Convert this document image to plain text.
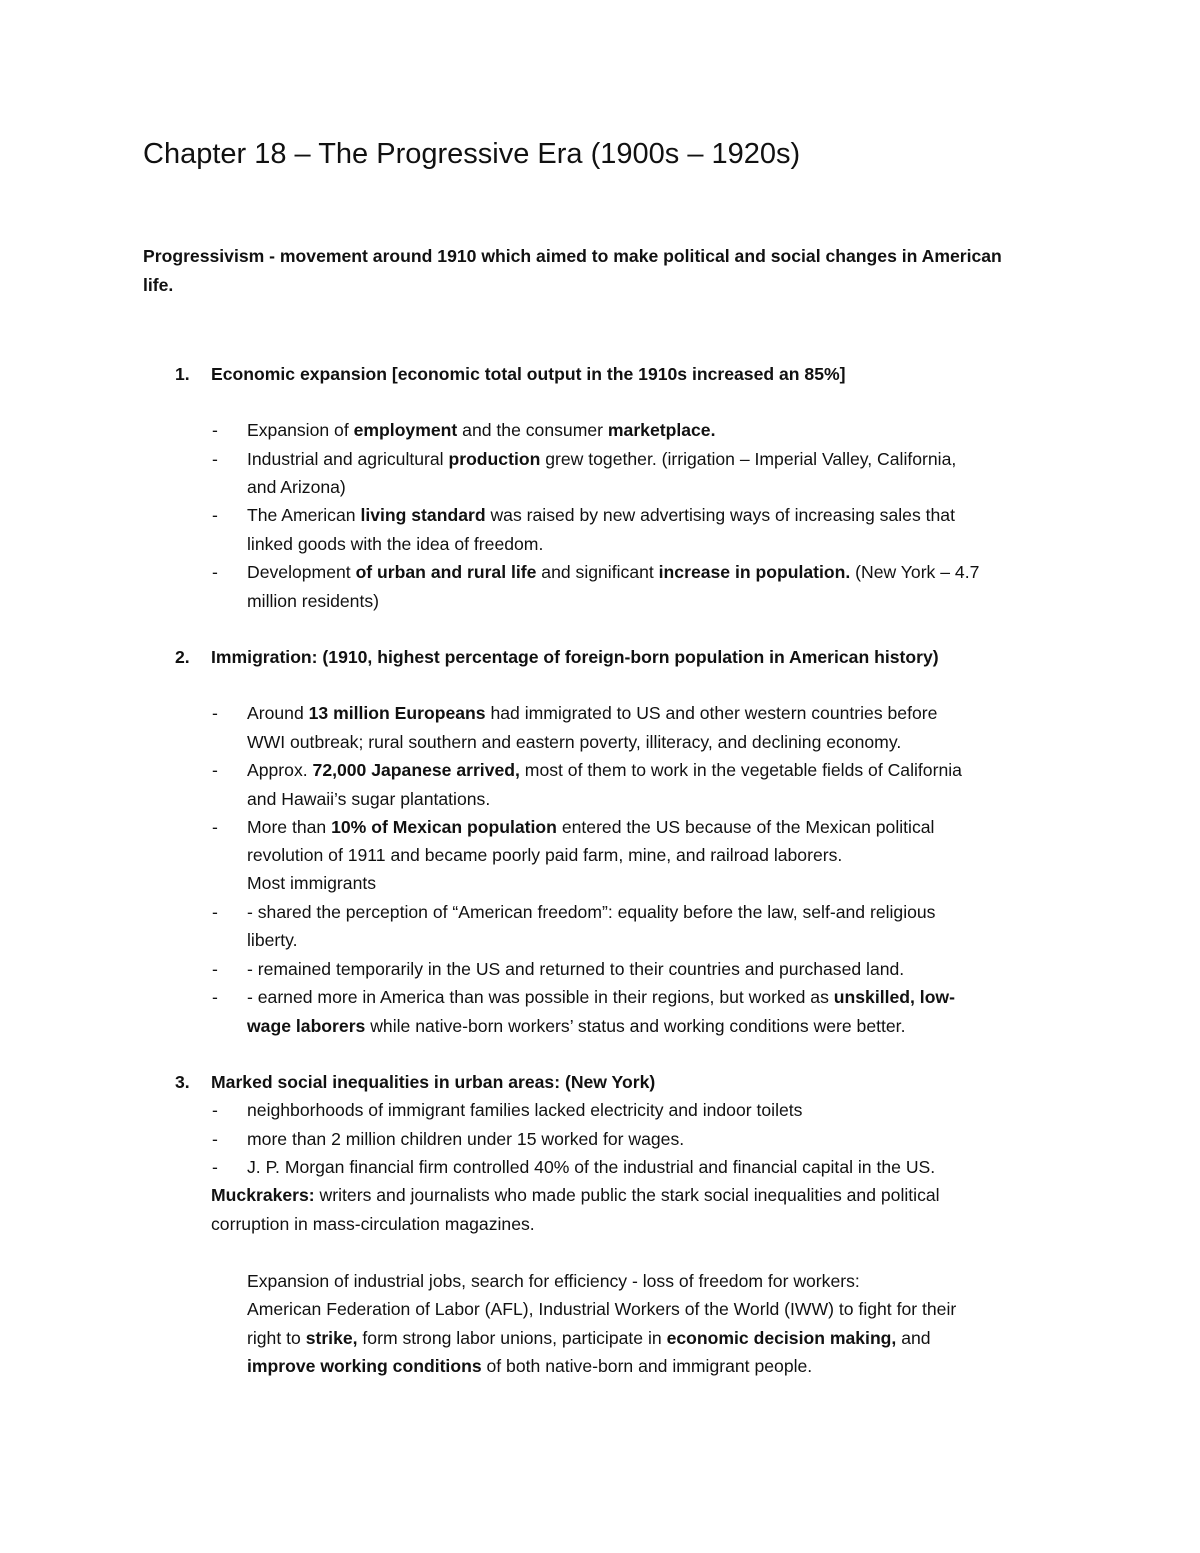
Chapter 18 – The Progressive Era (1900s – 1920s)
Progressivism - movement around 1910 which aimed to make political and social changes in American
life.
1. Economic expansion [economic total output in the 1910s increased an 85%]
- Expansion of employment and the consumer marketplace.
- Industrial and agricultural production grew together. (irrigation – Imperial Valley, California,
and Arizona)
- The American living standard was raised by new advertising ways of increasing sales that
linked goods with the idea of freedom.
- Development of urban and rural life and significant increase in population. (New York – 4.7
million residents)
2. Immigration: (1910, highest percentage of foreign-born population in American history)
- Around 13 million Europeans had immigrated to US and other western countries before
WWI outbreak; rural southern and eastern poverty, illiteracy, and declining economy.
- Approx. 72,000 Japanese arrived, most of them to work in the vegetable fields of California
and Hawaii’s sugar plantations.
- More than 10% of Mexican population entered the US because of the Mexican political
revolution of 1911 and became poorly paid farm, mine, and railroad laborers.
Most immigrants
- - shared the perception of “American freedom”: equality before the law, self-and religious
liberty.
- - remained temporarily in the US and returned to their countries and purchased land.
- - earned more in America than was possible in their regions, but worked as unskilled, low-
wage laborers while native-born workers’ status and working conditions were better.
3. Marked social inequalities in urban areas: (New York)
- neighborhoods of immigrant families lacked electricity and indoor toilets
- more than 2 million children under 15 worked for wages.
- J. P. Morgan financial firm controlled 40% of the industrial and financial capital in the US.
Muckrakers: writers and journalists who made public the stark social inequalities and political
corruption in mass-circulation magazines.
Expansion of industrial jobs, search for efficiency - loss of freedom for workers:
American Federation of Labor (AFL), Industrial Workers of the World (IWW) to fight for their
right to strike, form strong labor unions, participate in economic decision making, and
improve working conditions of both native-born and immigrant people.
